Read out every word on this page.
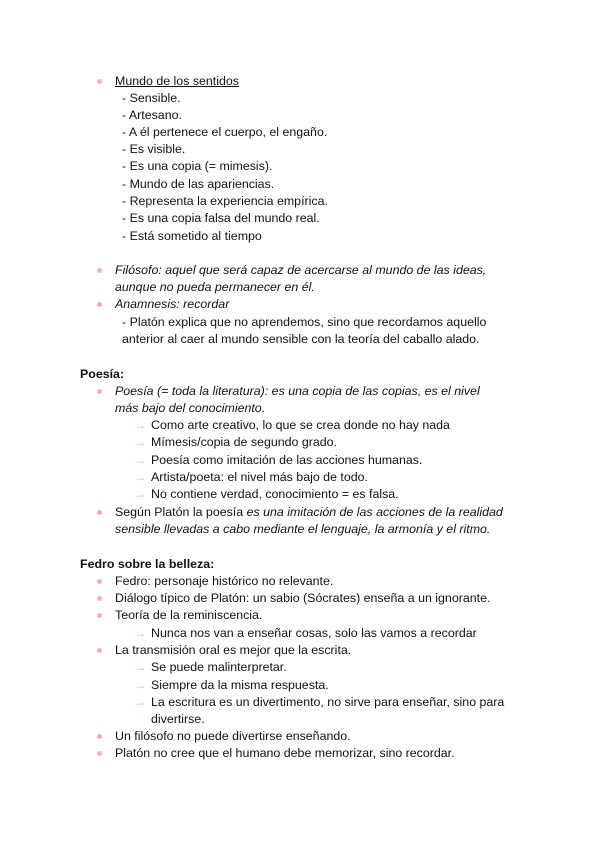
Mundo de los sentidos
- Sensible.
- Artesano.
- A él pertenece el cuerpo, el engaño.
- Es visible.
- Es una copia (= mimesis).
- Mundo de las apariencias.
- Representa la experiencia empírica.
- Es una copia falsa del mundo real.
- Está sometido al tiempo
Filósofo: aquel que será capaz de acercarse al mundo de las ideas,
aunque no pueda permanecer en él.
Anamnesis: recordar
- Platón explica que no aprendemos, sino que recordamos aquello
anterior al caer al mundo sensible con la teoría del caballo alado.
Poesía:
Poesía (= toda la literatura): es una copia de las copias, es el nivel
más bajo del conocimiento.
→ Como arte creativo, lo que se crea donde no hay nada
→ Mímesis/copia de segundo grado.
→ Poesía como imitación de las acciones humanas.
→ Artista/poeta: el nivel más bajo de todo.
→ No contiene verdad, conocimiento = es falsa.
Según Platón la poesía es una imitación de las acciones de la realidad
sensible llevadas a cabo mediante el lenguaje, la armonía y el ritmo.
Fedro sobre la belleza:
Fedro: personaje histórico no relevante.
Diálogo típico de Platón: un sabio (Sócrates) enseña a un ignorante.
Teoría de la reminiscencia.
→ Nunca nos van a enseñar cosas, solo las vamos a recordar
La transmisión oral es mejor que la escrita.
→ Se puede malinterpretar.
→ Siempre da la misma respuesta.
→ La escritura es un divertimento, no sirve para enseñar, sino para
divertirse.
Un filósofo no puede divertirse enseñando.
Platón no cree que el humano debe memorizar, sino recordar.
